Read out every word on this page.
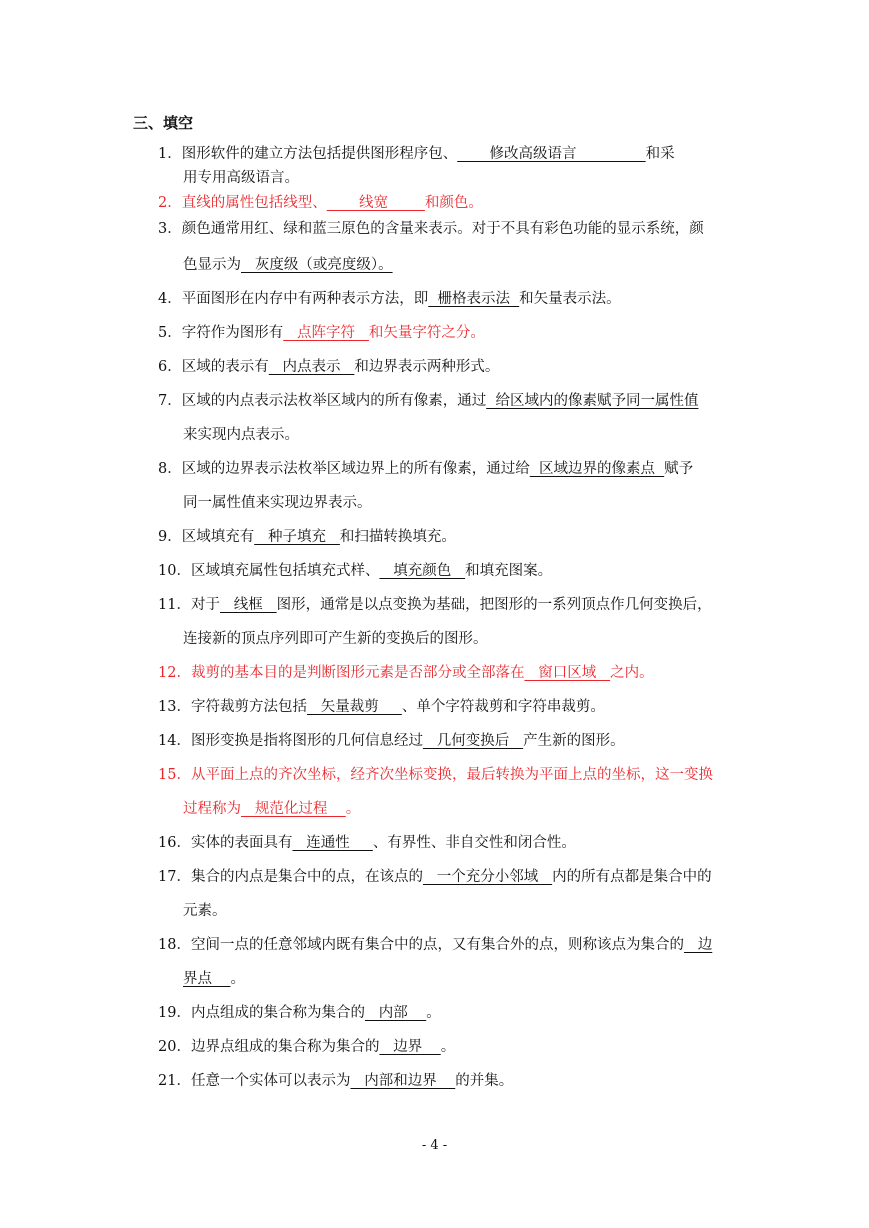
三、填空
1．图形软件的建立方法包括提供图形程序包、       修改高级语言               和采
用专用高级语言。
2．直线的属性包括线型、       线宽        和颜色。
3．颜色通常用红、绿和蓝三原色的含量来表示。对于不具有彩色功能的显示系统，颜
色显示为   灰度级（或亮度级）。
4．平面图形在内存中有两种表示方法，即  栅格表示法  和矢量表示法。
5．字符作为图形有   点阵字符   和矢量字符之分。
6．区域的表示有   内点表示   和边界表示两种形式。
7．区域的内点表示法枚举区域内的所有像素，通过  给区域内的像素赋予同一属性值
来实现内点表示。
8．区域的边界表示法枚举区域边界上的所有像素，通过给  区域边界的像素点  赋予
同一属性值来实现边界表示。
9．区域填充有   种子填充   和扫描转换填充。
10．区域填充属性包括填充式样、   填充颜色   和填充图案。
11．对于   线框   图形，通常是以点变换为基础，把图形的一系列顶点作几何变换后，
连接新的顶点序列即可产生新的变换后的图形。
12．裁剪的基本目的是判断图形元素是否部分或全部落在   窗口区域   之内。
13．字符裁剪方法包括   矢量裁剪     、单个字符裁剪和字符串裁剪。
14．图形变换是指将图形的几何信息经过   几何变换后   产生新的图形。
15．从平面上点的齐次坐标，经齐次坐标变换，最后转换为平面上点的坐标，这一变换
过程称为   规范化过程    。
16．实体的表面具有   连通性     、有界性、非自交性和闭合性。
17．集合的内点是集合中的点，在该点的   一个充分小邻域   内的所有点都是集合中的
元素。
18．空间一点的任意邻域内既有集合中的点，又有集合外的点，则称该点为集合的   边
界点    。
19．内点组成的集合称为集合的   内部    。
20．边界点组成的集合称为集合的   边界    。
21．任意一个实体可以表示为   内部和边界    的并集。
- 4 -
